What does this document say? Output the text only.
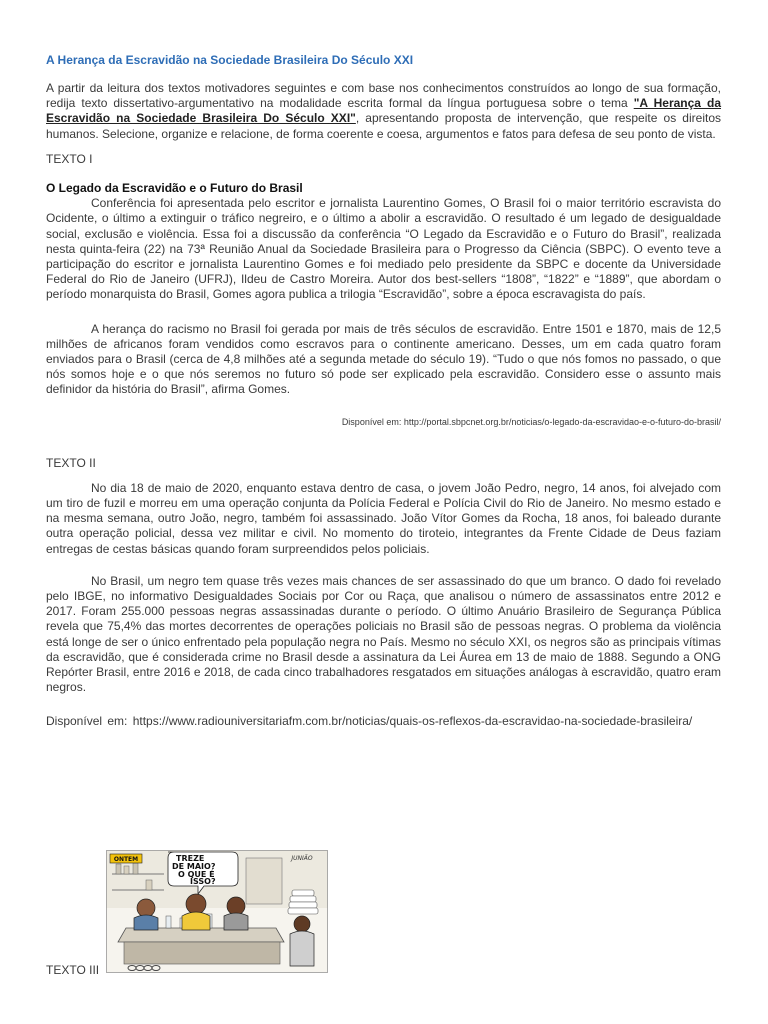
A Herança da Escravidão na Sociedade Brasileira Do Século XXI

A partir da leitura dos textos motivadores seguintes e com base nos conhecimentos construídos ao longo de sua formação, redija texto dissertativo-argumentativo na modalidade escrita formal da língua portuguesa sobre o tema "A Herança da Escravidão na Sociedade Brasileira Do Século XXI", apresentando proposta de intervenção, que respeite os direitos humanos. Selecione, organize e relacione, de forma coerente e coesa, argumentos e fatos para defesa de seu ponto de vista.

TEXTO I

O Legado da Escravidão e o Futuro do Brasil

Conferência foi apresentada pelo escritor e jornalista Laurentino Gomes, O Brasil foi o maior território escravista do Ocidente, o último a extinguir o tráfico negreiro, e o último a abolir a escravidão. O resultado é um legado de desigualdade social, exclusão e violência. Essa foi a discussão da conferência “O Legado da Escravidão e o Futuro do Brasil”, realizada nesta quinta-feira (22) na 73ª Reunião Anual da Sociedade Brasileira para o Progresso da Ciência (SBPC). O evento teve a participação do escritor e jornalista Laurentino Gomes e foi mediado pelo presidente da SBPC e docente da Universidade Federal do Rio de Janeiro (UFRJ), Ildeu de Castro Moreira. Autor dos best-sellers “1808”, “1822” e “1889”, que abordam o período monarquista do Brasil, Gomes agora publica a trilogia “Escravidão”, sobre a época escravagista do país.

A herança do racismo no Brasil foi gerada por mais de três séculos de escravidão. Entre 1501 e 1870, mais de 12,5 milhões de africanos foram vendidos como escravos para o continente americano. Desses, um em cada quatro foram enviados para o Brasil (cerca de 4,8 milhões até a segunda metade do século 19). “Tudo o que nós fomos no passado, o que nós somos hoje e o que nós seremos no futuro só pode ser explicado pela escravidão. Considero esse o assunto mais definidor da história do Brasil”, afirma Gomes.

Disponível em: http://portal.sbpcnet.org.br/noticias/o-legado-da-escravidao-e-o-futuro-do-brasil/

TEXTO II

No dia 18 de maio de 2020, enquanto estava dentro de casa, o jovem João Pedro, negro, 14 anos, foi alvejado com um tiro de fuzil e morreu em uma operação conjunta da Polícia Federal e Polícia Civil do Rio de Janeiro. No mesmo estado e na mesma semana, outro João, negro, também foi assassinado. João Vítor Gomes da Rocha, 18 anos, foi baleado durante outra operação policial, dessa vez militar e civil. No momento do tiroteio, integrantes da Frente Cidade de Deus faziam entregas de cestas básicas quando foram surpreendidos pelos policiais.

No Brasil, um negro tem quase três vezes mais chances de ser assassinado do que um branco. O dado foi revelado pelo IBGE, no informativo Desigualdades Sociais por Cor ou Raça, que analisou o número de assassinatos entre 2012 e 2017. Foram 255.000 pessoas negras assassinadas durante o período. O último Anuário Brasileiro de Segurança Pública revela que 75,4% das mortes decorrentes de operações policiais no Brasil são de pessoas negras. O problema da violência está longe de ser o único enfrentado pela população negra no País. Mesmo no século XXI, os negros são as principais vítimas da escravidão, que é considerada crime no Brasil desde a assinatura da Lei Áurea em 13 de maio de 1888. Segundo a ONG Repórter Brasil, entre 2016 e 2018, de cada cinco trabalhadores resgatados em situações análogas à escravidão, quatro eram negros.

Disponível em: https://www.radiouniversitariafm.com.br/noticias/quais-os-reflexos-da-escravidao-na-sociedade-brasileira/

ONTEM	TREZE DE MAIO? O QUE É ISSO?
JUNIÃO
TEXTO III
